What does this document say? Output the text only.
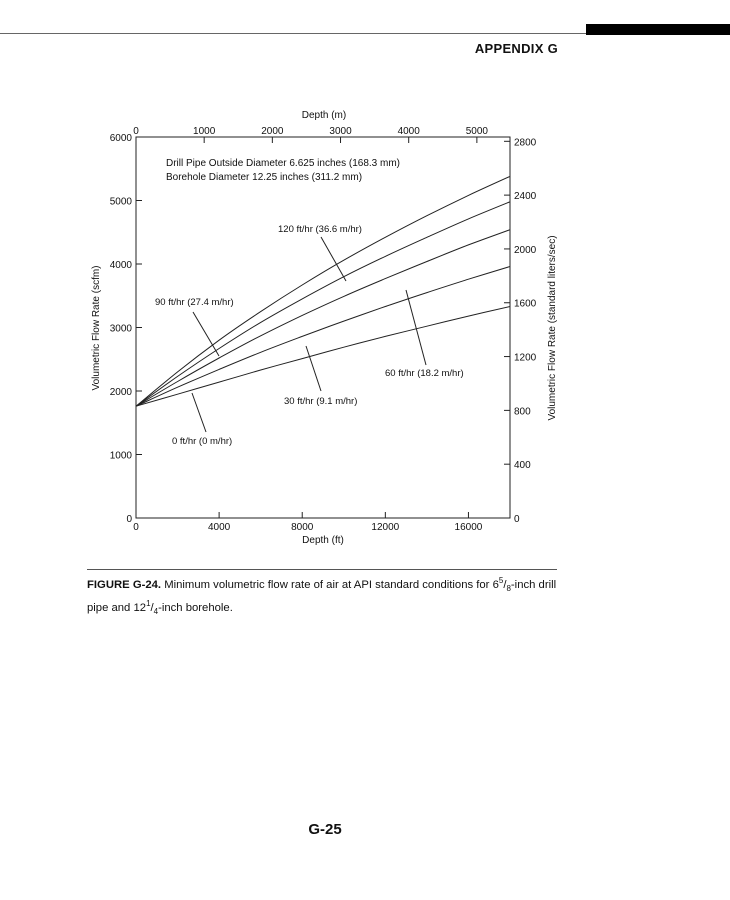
APPENDIX G
0	4000	8000	12000	16000
0	1000	2000	3000	4000	5000
0
1000
2000
3000
4000
5000
6000
0
400
800
1200
1600
2000
2400
2800
Depth (m)
Depth (ft)
Volumetric Flow Rate (scfm)	Volumetric Flow Rate (standard liters/sec)
Drill Pipe Outside Diameter 6.625 inches (168.3 mm)
Borehole Diameter 12.25 inches (311.2 mm)
120 ft/hr (36.6 m/hr)
90 ft/hr (27.4 m/hr)
60 ft/hr (18.2 m/hr)
30 ft/hr (9.1 m/hr)
0 ft/hr (0 m/hr)
FIGURE G-24. Minimum volumetric flow rate of air at API standard conditions for $6^5/_8$-inch drill pipe and $12^1/_4$-inch borehole.
G-25
